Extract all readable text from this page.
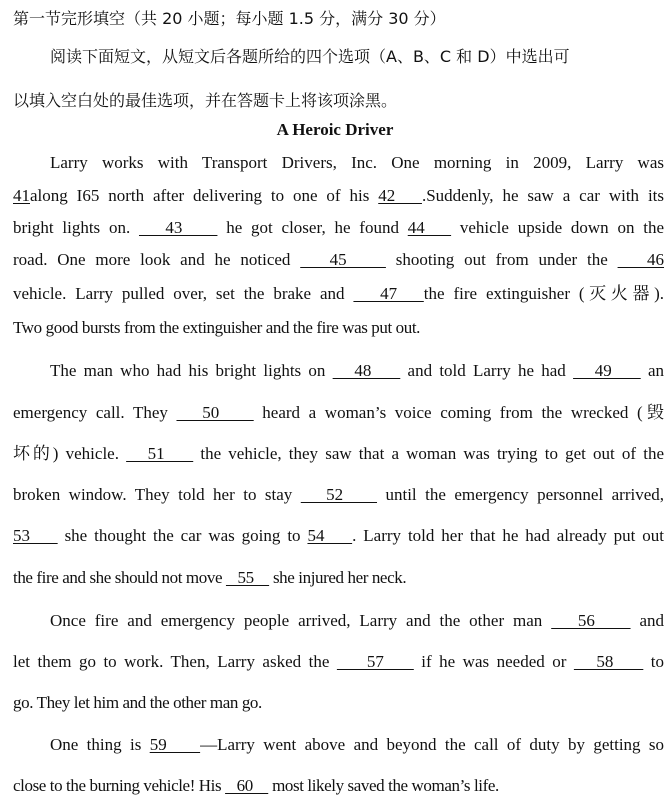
第一节完形填空（共 20 小题；每小题 1.5 分，满分 30 分）
阅读下面短文，从短文后各题所给的四个选项（A、B、C 和 D）中选出可
以填入空白处的最佳选项，并在答题卡上将该项涂黑。
A Heroic Driver
Larry works with Transport Drivers, Inc. One morning in 2009, Larry was
41along I65 north after delivering to one of his 42   .Suddenly, he saw a car with its
bright lights on.    43     he got closer, he found 44    vehicle upside down on the
road. One more look and he noticed    45     shooting out from under the    46
vehicle. Larry pulled over, set the brake and    47   the fire extinguisher (灭火器).
Two good bursts from the extinguisher and the fire was put out.
The man who had his bright lights on    48     and told Larry he had    49     an
emergency call. They    50     heard a woman’s voice coming from the wrecked (毁
坏的) vehicle.    51     the vehicle, they saw that a woman was trying to get out of the
broken window. They told her to stay    52     until the emergency personnel arrived,
53     she thought the car was going to 54    . Larry told her that he had already put out
the fire and she should not move    55     she injured her neck.
Once fire and emergency people arrived, Larry and the other man    56     and
let them go to work. Then, Larry asked the     57     if he was needed or    58     to
go. They let him and the other man go.
One thing is 59    —Larry went above and beyond the call of duty by getting so
close to the burning vehicle! His    60     most likely saved the woman’s life.
